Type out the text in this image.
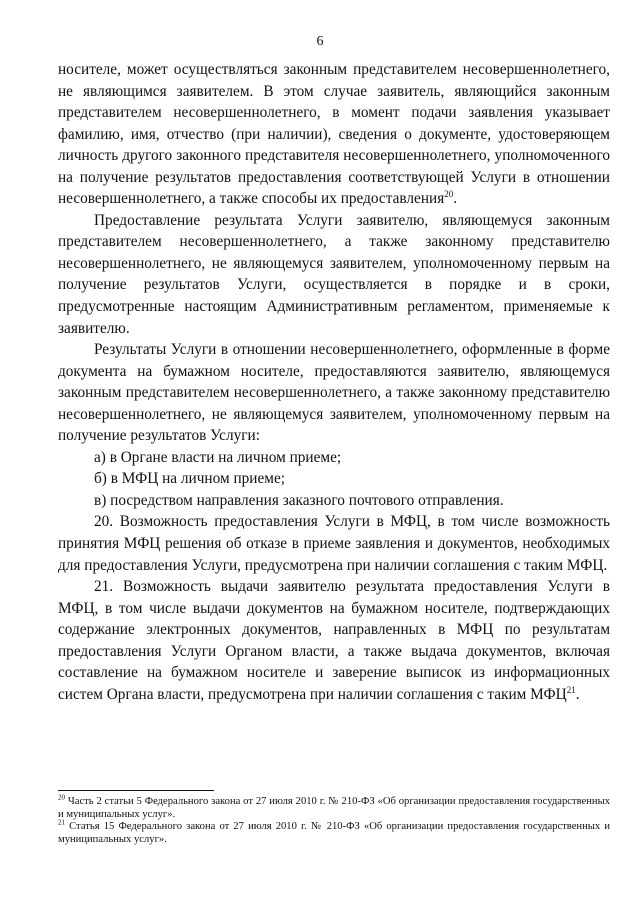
6

носителе, может осуществляться законным представителем несовершеннолетнего, не являющимся заявителем. В этом случае заявитель, являющийся законным представителем несовершеннолетнего, в момент подачи заявления указывает фамилию, имя, отчество (при наличии), сведения о документе, удостоверяющем личность другого законного представителя несовершеннолетнего, уполномоченного на получение результатов предоставления соответствующей Услуги в отношении несовершеннолетнего, а также способы их предоставления$^{20}$.

Предоставление результата Услуги заявителю, являющемуся законным представителем несовершеннолетнего, а также законному представителю несовершеннолетнего, не являющемуся заявителем, уполномоченному первым на получение результатов Услуги, осуществляется в порядке и в сроки, предусмотренные настоящим Административным регламентом, применяемые к заявителю.

Результаты Услуги в отношении несовершеннолетнего, оформленные в форме документа на бумажном носителе, предоставляются заявителю, являющемуся законным представителем несовершеннолетнего, а также законному представителю несовершеннолетнего, не являющемуся заявителем, уполномоченному первым на получение результатов Услуги:

а) в Органе власти на личном приеме;

б) в МФЦ на личном приеме;

в) посредством направления заказного почтового отправления.

20. Возможность предоставления Услуги в МФЦ, в том числе возможность принятия МФЦ решения об отказе в приеме заявления и документов, необходимых для предоставления Услуги, предусмотрена при наличии соглашения с таким МФЦ.

21. Возможность выдачи заявителю результата предоставления Услуги в МФЦ, в том числе выдачи документов на бумажном носителе, подтверждающих содержание электронных документов, направленных в МФЦ по результатам предоставления Услуги Органом власти, а также выдача документов, включая составление на бумажном носителе и заверение выписок из информационных систем Органа власти, предусмотрена при наличии соглашения с таким МФЦ$^{21}$.

$^{20}$ Часть 2 статьи 5 Федерального закона от 27 июля 2010 г. № 210-ФЗ «Об организации предоставления государственных и муниципальных услуг».

$^{21}$ Статья 15 Федерального закона от 27 июля 2010 г. № 210-ФЗ «Об организации предоставления государственных и муниципальных услуг».
